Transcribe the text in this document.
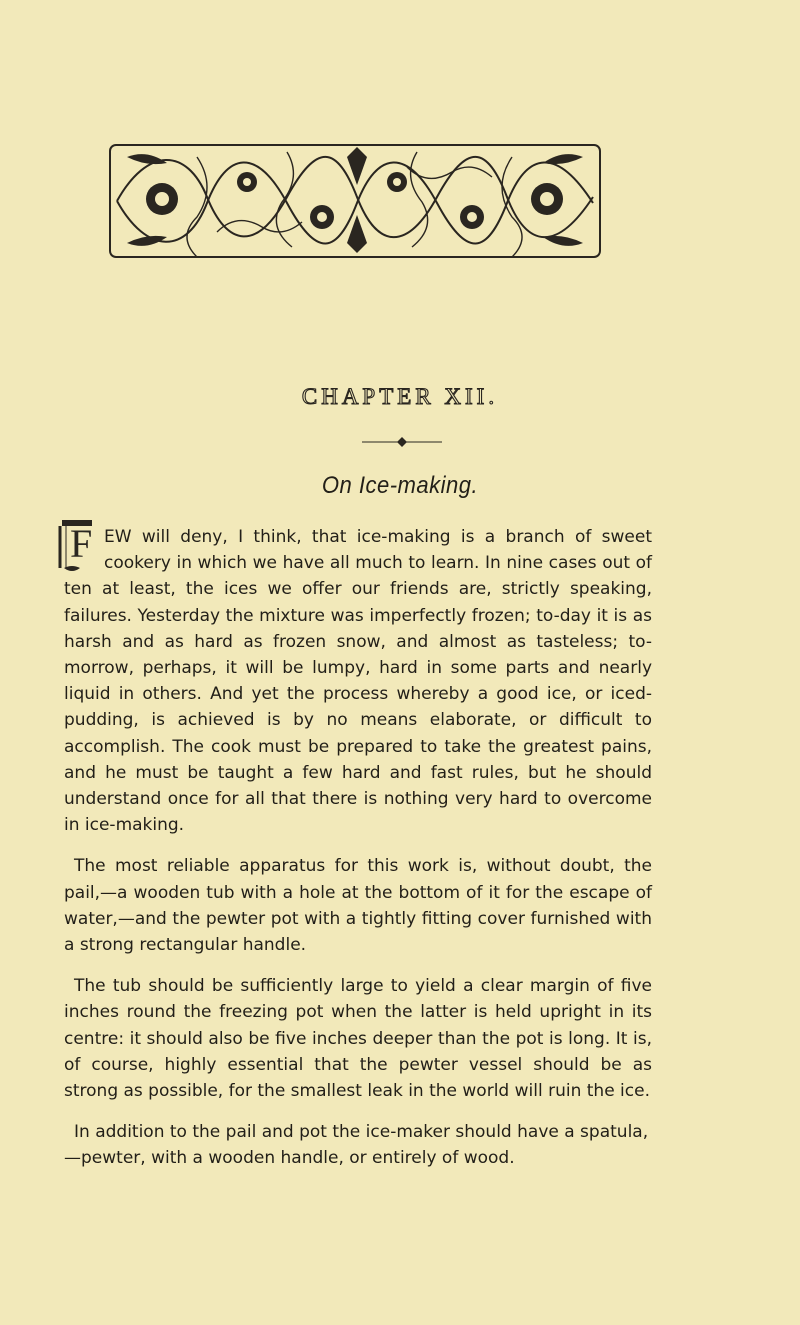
CHAPTER XII.
On Ice-making.

F EW will deny, I think, that ice-making is a branch of sweet cookery in which we have all much to learn. In nine cases out of ten at least, the ices we offer our friends are, strictly speaking, failures. Yesterday the mixture was imperfectly frozen; to-day it is as harsh and as hard as frozen snow, and almost as tasteless; to-morrow, perhaps, it will be lumpy, hard in some parts and nearly liquid in others. And yet the process whereby a good ice, or iced-pudding, is achieved is by no means elaborate, or difficult to accomplish. The cook must be prepared to take the greatest pains, and he must be taught a few hard and fast rules, but he should understand once for all that there is nothing very hard to overcome in ice-making.

The most reliable apparatus for this work is, without doubt, the pail,—a wooden tub with a hole at the bottom of it for the escape of water,—and the pewter pot with a tightly fitting cover furnished with a strong rectangular handle.

The tub should be sufficiently large to yield a clear margin of five inches round the freezing pot when the latter is held upright in its centre: it should also be five inches deeper than the pot is long. It is, of course, highly essential that the pewter vessel should be as strong as possible, for the smallest leak in the world will ruin the ice.

In addition to the pail and pot the ice-maker should have a spatula,—pewter, with a wooden handle, or entirely of wood.
